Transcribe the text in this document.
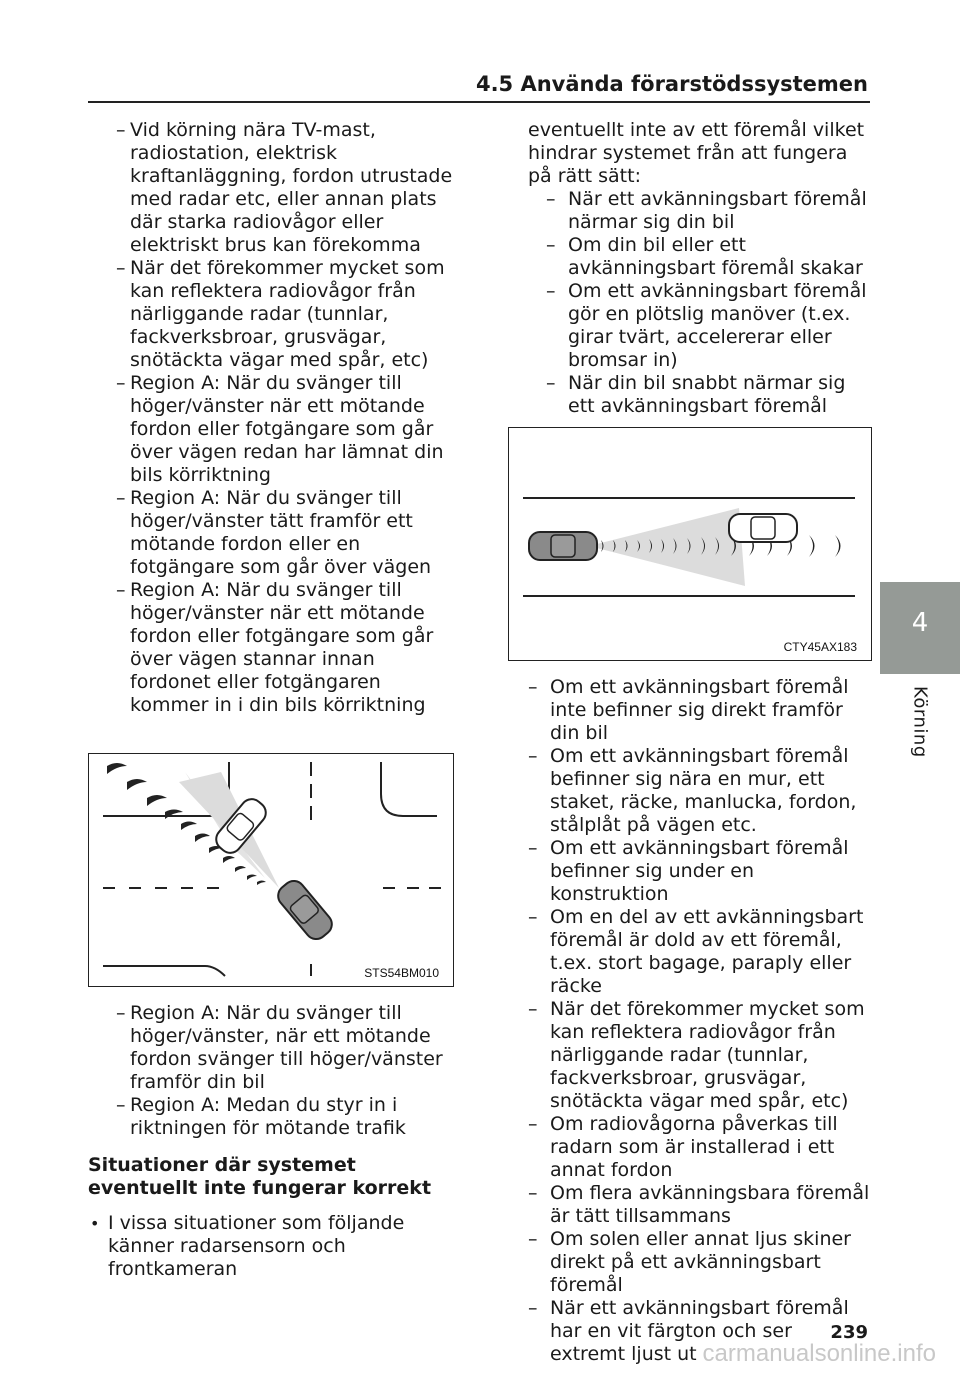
4.5 Använda förarstödssystemen
4
Körning
– Vid körning nära TV-mast, radiostation, elektrisk kraftanläggning, fordon utrustade med radar etc, eller annan plats där starka radiovågor eller elektriskt brus kan förekomma
– När det förekommer mycket som kan reflektera radiovågor från närliggande radar (tunnlar, fackverksbroar, grusvägar, snötäckta vägar med spår, etc)
– Region A: När du svänger till höger/vänster när ett mötande fordon eller fotgängare som går över vägen redan har lämnat din bils körriktning
– Region A: När du svänger till höger/vänster tätt framför ett mötande fordon eller en fotgängare som går över vägen
– Region A: När du svänger till höger/vänster när ett mötande fordon eller fotgängare som går över vägen stannar innan fordonet eller fotgängaren kommer in i din bils körriktning
STS54BM010
– Region A: När du svänger till höger/vänster, när ett mötande fordon svänger till höger/vänster framför din bil
– Region A: Medan du styr in i riktningen för mötande trafik
Situationer där systemet eventuellt inte fungerar korrekt
• I vissa situationer som följande känner radarsensorn och frontkameran
eventuellt inte av ett föremål vilket hindrar systemet från att fungera på rätt sätt:
– När ett avkänningsbart föremål närmar sig din bil
– Om din bil eller ett avkänningsbart föremål skakar
– Om ett avkänningsbart föremål gör en plötslig manöver (t.ex. girar tvärt, accelererar eller bromsar in)
– När din bil snabbt närmar sig ett avkänningsbart föremål
CTY45AX183
– Om ett avkänningsbart föremål inte befinner sig direkt framför din bil
– Om ett avkänningsbart föremål befinner sig nära en mur, ett staket, räcke, manlucka, fordon, stålplåt på vägen etc.
– Om ett avkänningsbart föremål befinner sig under en konstruktion
– Om en del av ett avkänningsbart föremål är dold av ett föremål, t.ex. stort bagage, paraply eller räcke
– När det förekommer mycket som kan reflektera radiovågor från närliggande radar (tunnlar, fackverksbroar, grusvägar, snötäckta vägar med spår, etc)
– Om radiovågorna påverkas till radarn som är installerad i ett annat fordon
– Om flera avkänningsbara föremål är tätt tillsammans
– Om solen eller annat ljus skiner direkt på ett avkänningsbart föremål
– När ett avkänningsbart föremål har en vit färgton och ser extremt ljust ut
239
carmanualsonline.info
